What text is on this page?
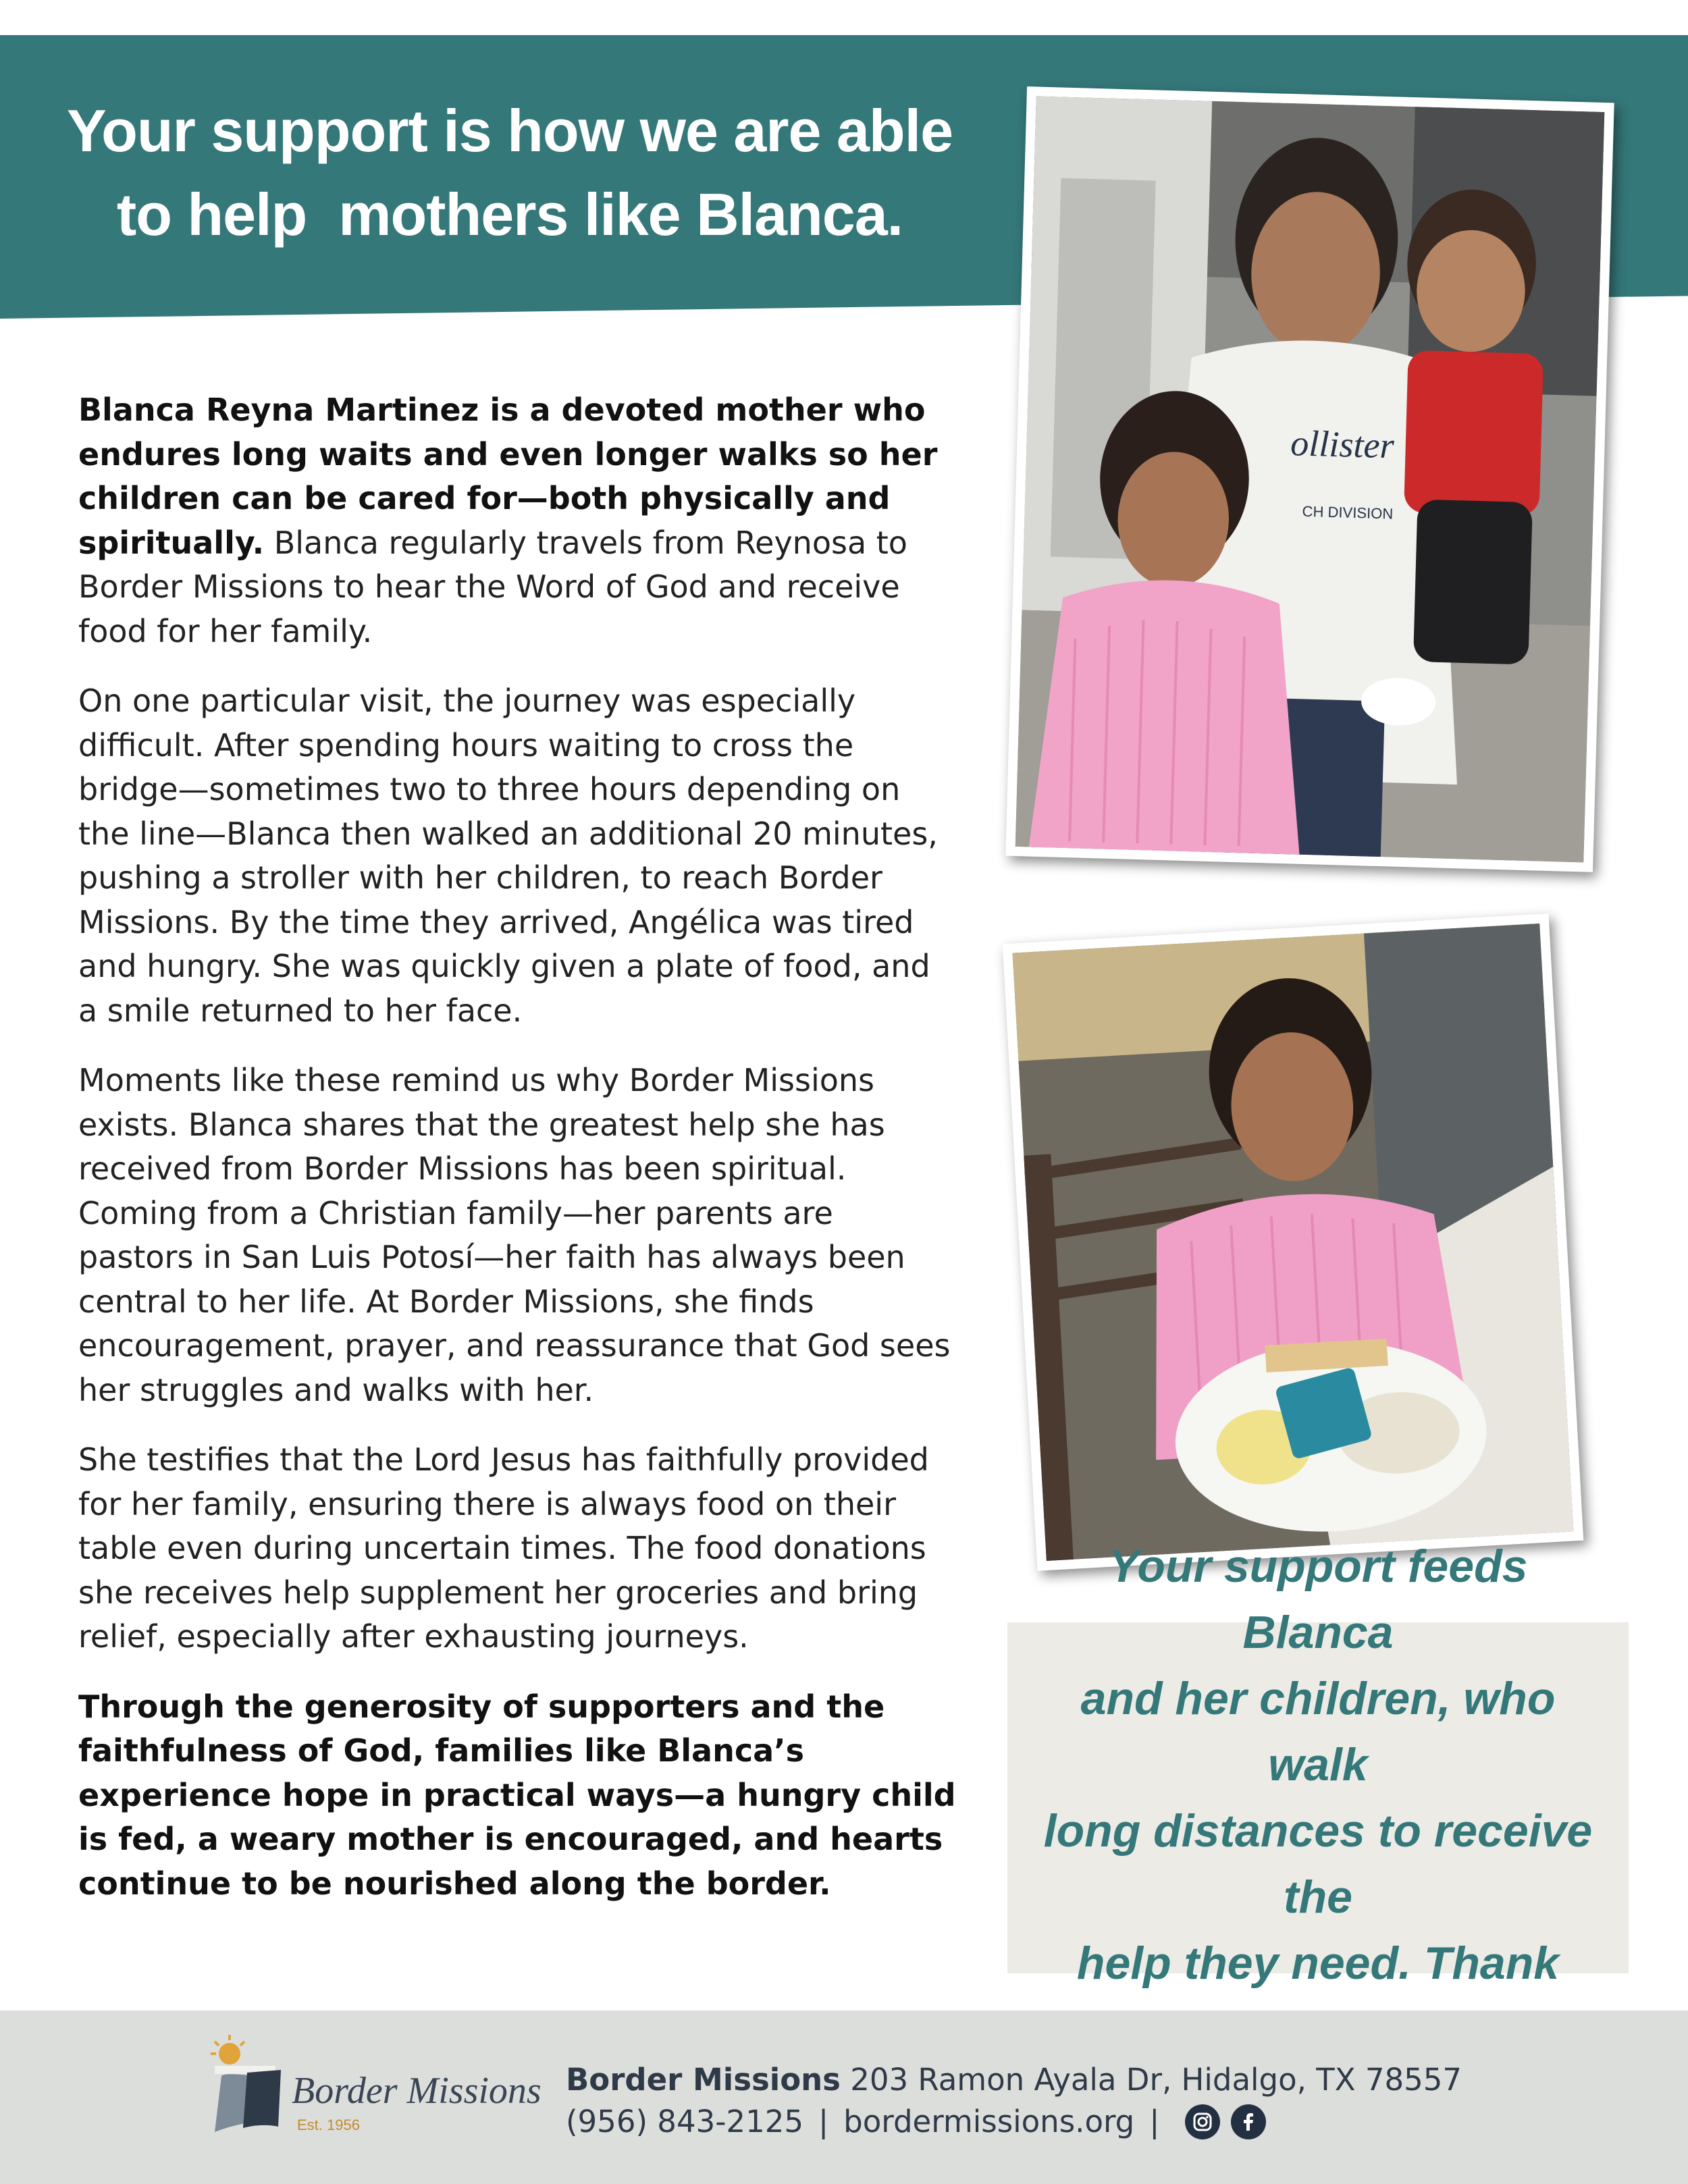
Your support is how we are able
to help  mothers like Blanca.

Blanca Reyna Martinez is a devoted mother who endures long waits and even longer walks so her children can be cared for—both physically and spiritually. Blanca regularly travels from Reynosa to Border Missions to hear the Word of God and receive food for her family.

On one particular visit, the journey was especially difficult. After spending hours waiting to cross the bridge—sometimes two to three hours depending on the line—Blanca then walked an additional 20 minutes, pushing a stroller with her children, to reach Border Missions. By the time they arrived, Angélica was tired and hungry. She was quickly given a plate of food, and a smile returned to her face.

Moments like these remind us why Border Missions exists. Blanca shares that the greatest help she has received from Border Missions has been spiritual. Coming from a Christian family—her parents are pastors in San Luis Potosí—her faith has always been central to her life. At Border Missions, she finds encouragement, prayer, and reassurance that God sees her struggles and walks with her.

She testifies that the Lord Jesus has faithfully provided for her family, ensuring there is always food on their table even during uncertain times. The food donations she receives help supplement her groceries and bring relief, especially after exhausting journeys.

Through the generosity of supporters and the faithfulness of God, families like Blanca’s experience hope in practical ways—a hungry child is fed, a weary mother is encouraged, and hearts continue to be nourished along the border.

ollister
CH DIVISION

Your support feeds Blanca
and her children, who walk
long distances to receive the
help they need. Thank

Border Missions
Est. 1956
Border Missions 203 Ramon Ayala Dr, Hidalgo, TX 78557
(956) 843-2125 | bordermissions.org |
